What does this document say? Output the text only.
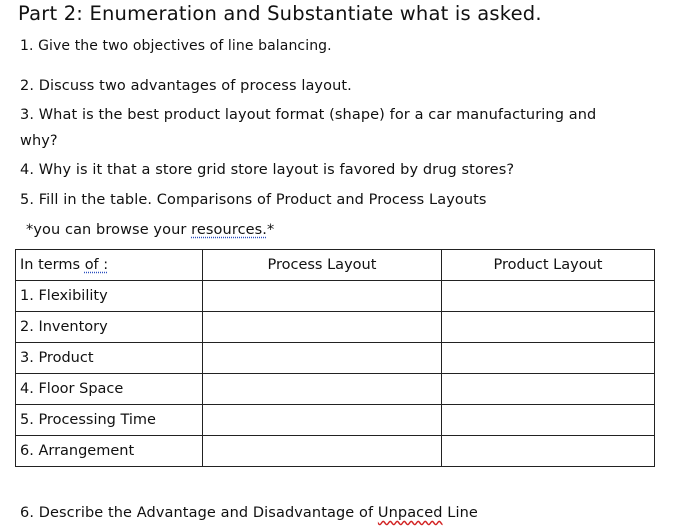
Part 2: Enumeration and Substantiate what is asked.
1. Give the two objectives of line balancing.
2. Discuss two advantages of process layout.
3. What is the best product layout format (shape) for a car manufacturing and
why?
4. Why is it that a store grid store layout is favored by drug stores?
5. Fill in the table. Comparisons of Product and Process Layouts
*you can browse your resources.*
In terms of :	Process Layout	Product Layout
1. Flexibility		
2. Inventory		
3. Product		
4. Floor Space		
5. Processing Time		
6. Arrangement		
6. Describe the Advantage and Disadvantage of Unpaced Line
